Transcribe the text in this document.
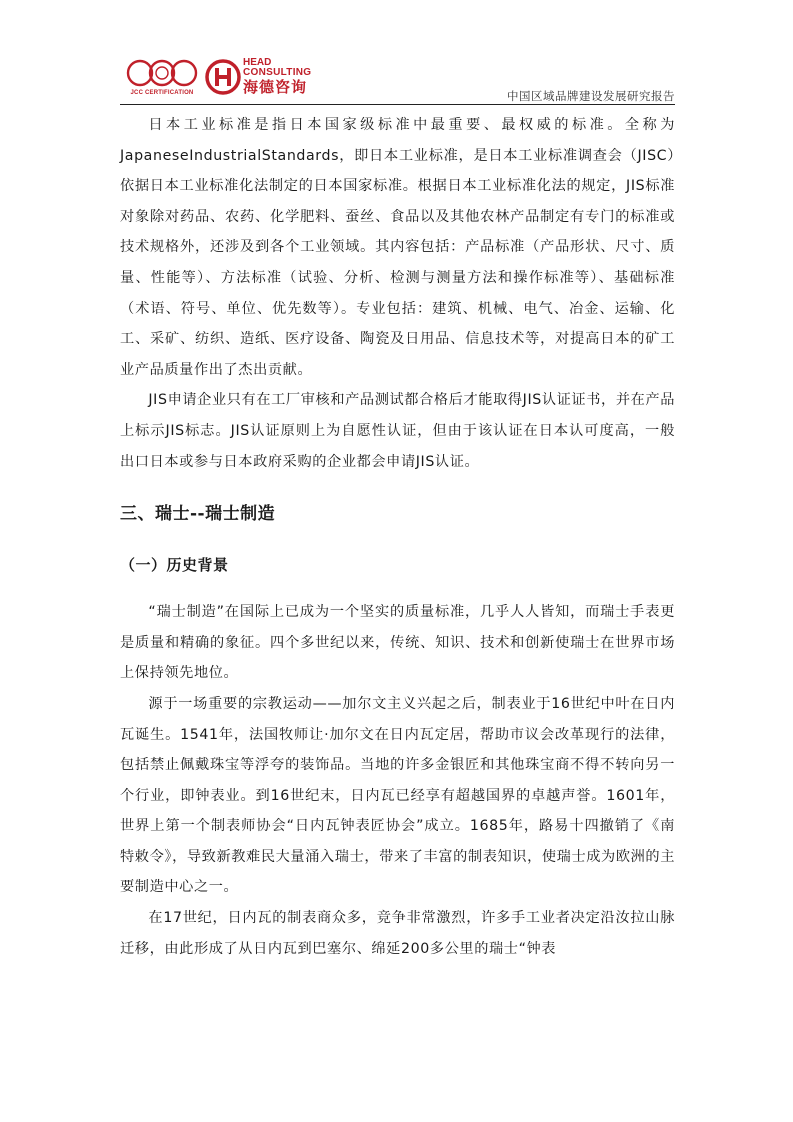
JCC CERTIFICATION
HEAD
CONSULTING
海德咨询	中国区域品牌建设发展研究报告

日本工业标准是指日本国家级标准中最重要、最权威的标准。全称为JapaneseIndustrialStandards，即日本工业标准，是日本工业标准调查会（JISC）依据日本工业标准化法制定的日本国家标准。根据日本工业标准化法的规定，JIS标准对象除对药品、农药、化学肥料、蚕丝、食品以及其他农林产品制定有专门的标准或技术规格外，还涉及到各个工业领域。其内容包括：产品标准（产品形状、尺寸、质量、性能等）、方法标准（试验、分析、检测与测量方法和操作标准等）、基础标准（术语、符号、单位、优先数等）。专业包括：建筑、机械、电气、冶金、运输、化工、采矿、纺织、造纸、医疗设备、陶瓷及日用品、信息技术等，对提高日本的矿工业产品质量作出了杰出贡献。

JIS申请企业只有在工厂审核和产品测试都合格后才能取得JIS认证证书，并在产品上标示JIS标志。JIS认证原则上为自愿性认证，但由于该认证在日本认可度高，一般出口日本或参与日本政府采购的企业都会申请JIS认证。

三、瑞士--瑞士制造
（一）历史背景

“瑞士制造”在国际上已成为一个坚实的质量标准，几乎人人皆知，而瑞士手表更是质量和精确的象征。四个多世纪以来，传统、知识、技术和创新使瑞士在世界市场上保持领先地位。

源于一场重要的宗教运动——加尔文主义兴起之后，制表业于16世纪中叶在日内瓦诞生。1541年，法国牧师让·加尔文在日内瓦定居，帮助市议会改革现行的法律，包括禁止佩戴珠宝等浮夸的装饰品。当地的许多金银匠和其他珠宝商不得不转向另一个行业，即钟表业。到16世纪末，日内瓦已经享有超越国界的卓越声誉。1601年，世界上第一个制表师协会“日内瓦钟表匠协会”成立。1685年，路易十四撤销了《南特敕令》，导致新教难民大量涌入瑞士，带来了丰富的制表知识，使瑞士成为欧洲的主要制造中心之一。

在17世纪，日内瓦的制表商众多，竞争非常激烈，许多手工业者决定沿汝拉山脉迁移，由此形成了从日内瓦到巴塞尔、绵延200多公里的瑞士“钟表
